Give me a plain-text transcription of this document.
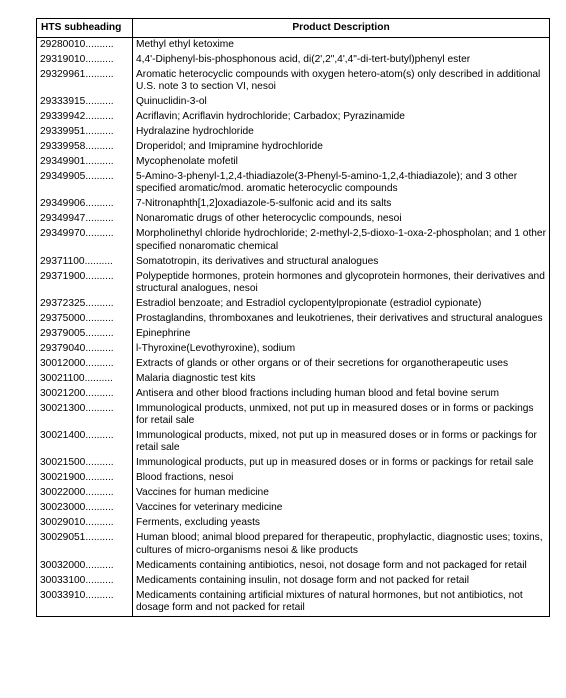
HTS subheading	Product Description
29280010..........	Methyl ethyl ketoxime
29319010..........	4,4'-Diphenyl-bis-phosphonous acid, di(2',2",4',4"-di-tert-butyl)phenyl ester
29329961..........	Aromatic heterocyclic compounds with oxygen hetero-atom(s) only described in additional U.S. note 3 to section VI, nesoi
29333915..........	Quinuclidin-3-ol
29339942..........	Acriflavin; Acriflavin hydrochloride; Carbadox; Pyrazinamide
29339951..........	Hydralazine hydrochloride
29339958..........	Droperidol; and Imipramine hydrochloride
29349901..........	Mycophenolate mofetil
29349905..........	5-Amino-3-phenyl-1,2,4-thiadiazole(3-Phenyl-5-amino-1,2,4-thiadiazole); and 3 other specified aromatic/mod. aromatic heterocyclic compounds
29349906..........	7-Nitronaphth[1,2]oxadiazole-5-sulfonic acid and its salts
29349947..........	Nonaromatic drugs of other heterocyclic compounds, nesoi
29349970..........	Morpholinethyl chloride hydrochloride; 2-methyl-2,5-dioxo-1-oxa-2-phospholan; and 1 other specified nonaromatic chemical
29371100..........	Somatotropin, its derivatives and structural analogues
29371900..........	Polypeptide hormones, protein hormones and glycoprotein hormones, their derivatives and structural analogues, nesoi
29372325..........	Estradiol benzoate; and Estradiol cyclopentylpropionate (estradiol cypionate)
29375000..........	Prostaglandins, thromboxanes and leukotrienes, their derivatives and structural analogues
29379005..........	Epinephrine
29379040..........	l-Thyroxine(Levothyroxine), sodium
30012000..........	Extracts of glands or other organs or of their secretions for organotherapeutic uses
30021100..........	Malaria diagnostic test kits
30021200..........	Antisera and other blood fractions including human blood and fetal bovine serum
30021300..........	Immunological products, unmixed, not put up in measured doses or in forms or packings for retail sale
30021400..........	Immunological products, mixed, not put up in measured doses or in forms or packings for retail sale
30021500..........	Immunological products, put up in measured doses or in forms or packings for retail sale
30021900..........	Blood fractions, nesoi
30022000..........	Vaccines for human medicine
30023000..........	Vaccines for veterinary medicine
30029010..........	Ferments, excluding yeasts
30029051..........	Human blood; animal blood prepared for therapeutic, prophylactic, diagnostic uses; toxins, cultures of micro-organisms nesoi & like products
30032000..........	Medicaments containing antibiotics, nesoi, not dosage form and not packaged for retail
30033100..........	Medicaments containing insulin, not dosage form and not packed for retail
30033910..........	Medicaments containing artificial mixtures of natural hormones, but not antibiotics, not dosage form and not packed for retail
